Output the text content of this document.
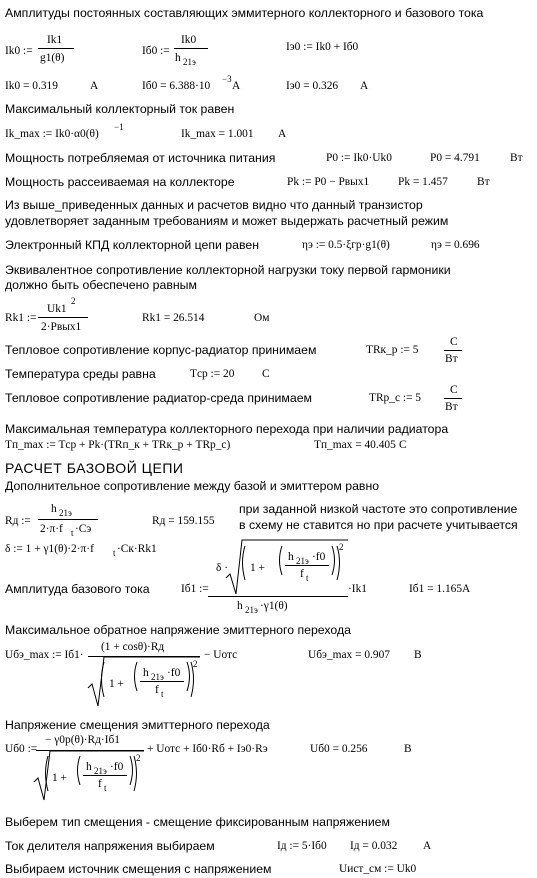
Амплитуды постоянных составляющих эммитерного коллекторного и базового тока
Ik0 :=
Ik1
g1(θ)
Iб0 :=
Ik0
h 21э
Iэ0 := Ik0 + Iб0
Ik0 = 0.319	A	Iб0 = 6.388·10
−3
A	Iэ0 = 0.326 A
Максимальный коллекторный ток равен
Ik_max := Ik0·α0(θ)
−1
Ik_max = 1.001 A
Мощность потребляемая от источника питания	P0 := Ik0·Uk0	P0 = 4.791	Вт
Мощность рассеиваемая на коллекторе	Pk := P0 − Pвых1	Pk = 1.457	Вт
Из выше_приведенных данных и расчетов видно что данный транзистор
удовлетворяет заданным требованиям и может выдержать расчетный режим
Электронный КПД коллекторной цепи равен	ηэ := 0.5·ξгр·g1(θ)	ηэ = 0.696
Эквивалентное сопротивление коллекторной нагрузки току первой гармоники
должно быть обеспечено равным
Rk1 :=
Uk1
2
2·Pвых1
Rk1 = 26.514	Ом
Тепловое сопротивление корпус-радиатор принимаем	TRк_р := 5
C
Вт
Температура среды равна	Tср := 20 C
Тепловое сопротивление радиатор-среда принимаем	TRр_с := 5
C
Вт
Максимальная температура коллекторного перехода при наличии радиатора
Tп_max := Tср + Pk·(TRп_к + TRк_р + TRр_с)	Tп_max = 40.405 C
РАСЧЕТ БАЗОВОЙ ЦЕПИ
Дополнительное сопротивление между базой и эмиттером равно
Rд :=
h 21э
2·π·f t ·Cэ
Rд = 159.155
при заданной низкой частоте это сопротивление
в схему не ставится но при расчете учитывается
δ := 1 + γ1(θ)·2·π·f t ·Cк·Rk1
Амплитуда базового тока	Iб1 :=
δ · 1 +
h 21э ·f0
f t
2
h 21э ·γ1(θ)
·Ik1	Iб1 = 1.165 A
Максимальное обратное напряжение эмиттерного перехода
Uбэ_max := Iб1·
(1 + cosθ)·Rд
1 +
h 21э ·f0
f t
2
− Uотс	Uбэ_max = 0.907 В
Напряжение смещения эмиттерного перехода
Uб0 :=
− γ0р(θ)·Rд·Iб1
1 +
h 21э ·f0
f t
2
+ Uотс + Iб0·Rб + Iэ0·Rэ	Uб0 = 0.256	В
Выберем тип смещения - смещение фиксированным напряжением
Ток делителя напряжения выбираем	Iд := 5·Iб0 Iд = 0.032 A
Выбираем источник смещения с напряжением	Uист_см := Uk0
